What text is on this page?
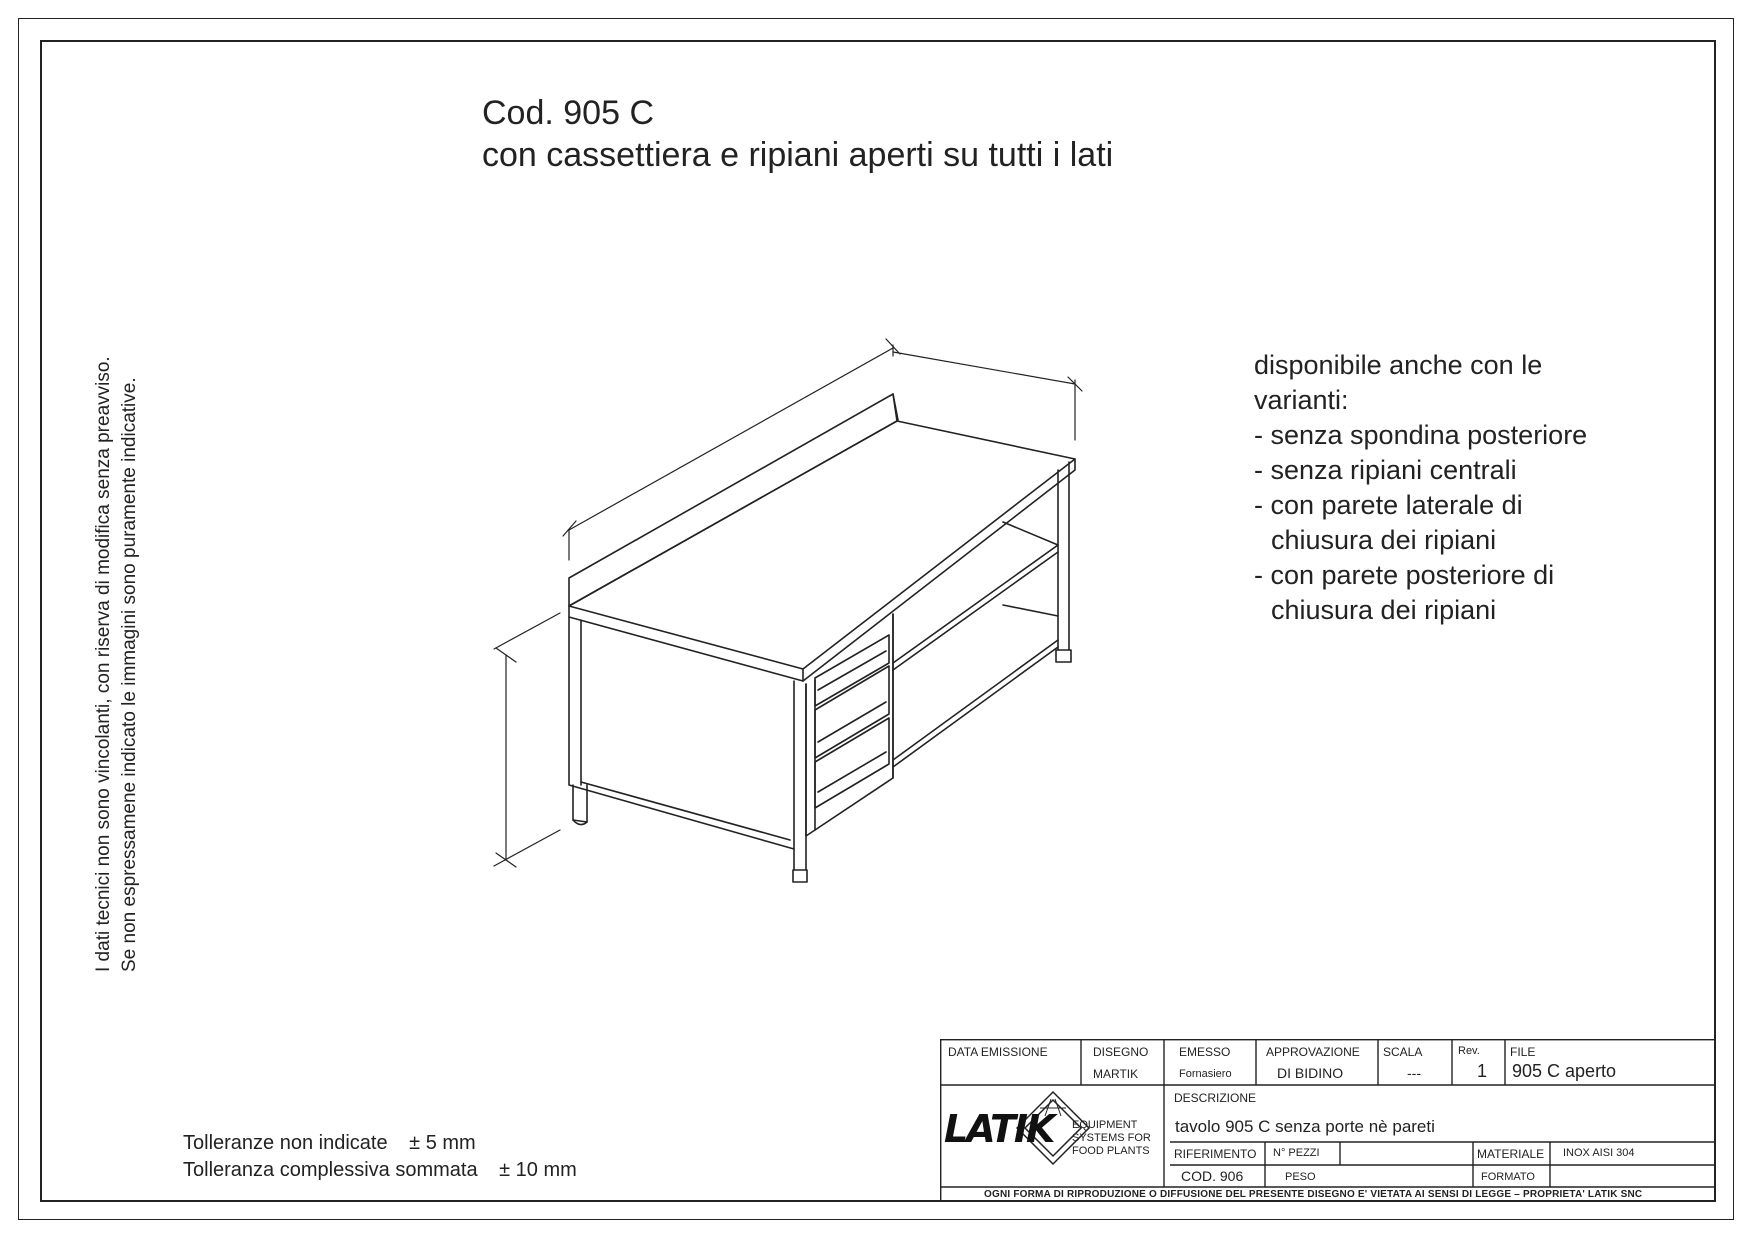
Cod. 905 C
con cassettiera e ripiani aperti su tutti i lati
I dati tecnici non sono vincolanti, con riserva di modifica senza preavviso. Se non espressamene indicato le immagini sono puramente indicative.
disponibile anche con le
varianti:
- senza spondina posteriore
- senza ripiani centrali
- con parete laterale di
chiusura dei ripiani
- con parete posteriore di
chiusura dei ripiani
Tolleranze non indicate ± 5 mm
Tolleranza complessiva sommata ± 10 mm
DATA EMISSIONE	DISEGNO
MARTIK
EMESSO
Fornasiero
APPROVAZIONE
DI BIDINO
SCALA
---
Rev.
1
FILE
905 C aperto
LATIK EQUIPMENT
SYSTEMS FOR
FOOD PLANTS
DESCRIZIONE
tavolo 905 C senza porte nè pareti
RIFERIMENTO
COD. 906
N° PEZZI
PESO
MATERIALE
FORMATO
INOX AISI 304
OGNI FORMA DI RIPRODUZIONE O DIFFUSIONE DEL PRESENTE DISEGNO E' VIETATA AI SENSI DI LEGGE – PROPRIETA' LATIK SNC
